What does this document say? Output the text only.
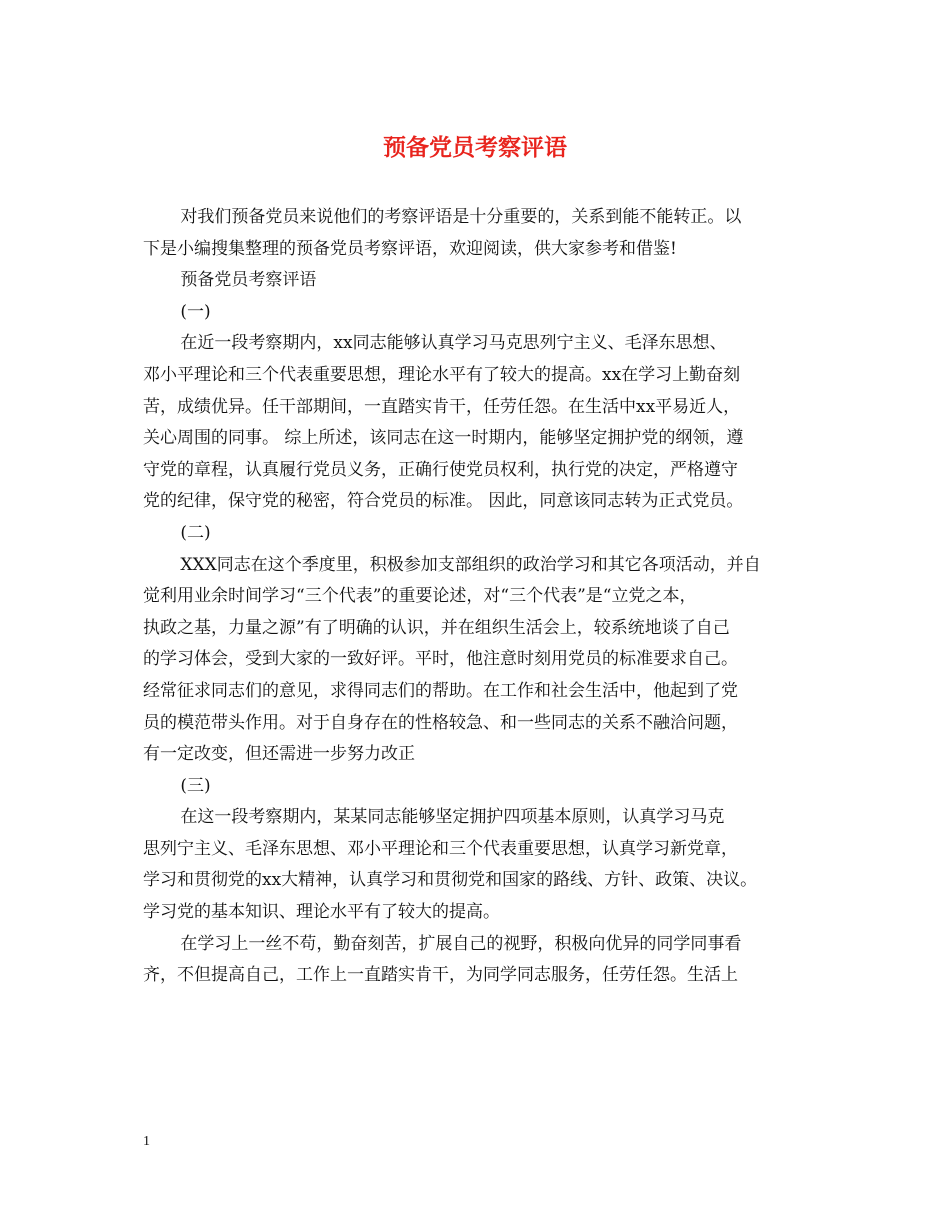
预备党员考察评语

对我们预备党员来说他们的考察评语是十分重要的，关系到能不能转正。以
下是小编搜集整理的预备党员考察评语，欢迎阅读，供大家参考和借鉴!

预备党员考察评语

(一)

在近一段考察期内，xx同志能够认真学习马克思列宁主义、毛泽东思想、
邓小平理论和三个代表重要思想，理论水平有了较大的提高。xx在学习上勤奋刻
苦，成绩优异。任干部期间，一直踏实肯干，任劳任怨。在生活中xx平易近人，
关心周围的同事。 综上所述，该同志在这一时期内，能够坚定拥护党的纲领，遵
守党的章程，认真履行党员义务，正确行使党员权利，执行党的决定，严格遵守
党的纪律，保守党的秘密，符合党员的标准。 因此，同意该同志转为正式党员。

(二)

XXX同志在这个季度里，积极参加支部组织的政治学习和其它各项活动，并自
觉利用业余时间学习“三个代表”的重要论述，对“三个代表”是“立党之本，
执政之基，力量之源”有了明确的认识，并在组织生活会上，较系统地谈了自己
的学习体会，受到大家的一致好评。平时，他注意时刻用党员的标准要求自己。
经常征求同志们的意见，求得同志们的帮助。在工作和社会生活中，他起到了党
员的模范带头作用。对于自身存在的性格较急、和一些同志的关系不融洽问题，
有一定改变，但还需进一步努力改正

(三)

在这一段考察期内，某某同志能够坚定拥护四项基本原则，认真学习马克
思列宁主义、毛泽东思想、邓小平理论和三个代表重要思想，认真学习新党章，
学习和贯彻党的xx大精神，认真学习和贯彻党和国家的路线、方针、政策、决议。
学习党的基本知识、理论水平有了较大的提高。

在学习上一丝不苟，勤奋刻苦，扩展自己的视野，积极向优异的同学同事看
齐，不但提高自己，工作上一直踏实肯干，为同学同志服务，任劳任怨。生活上

1
